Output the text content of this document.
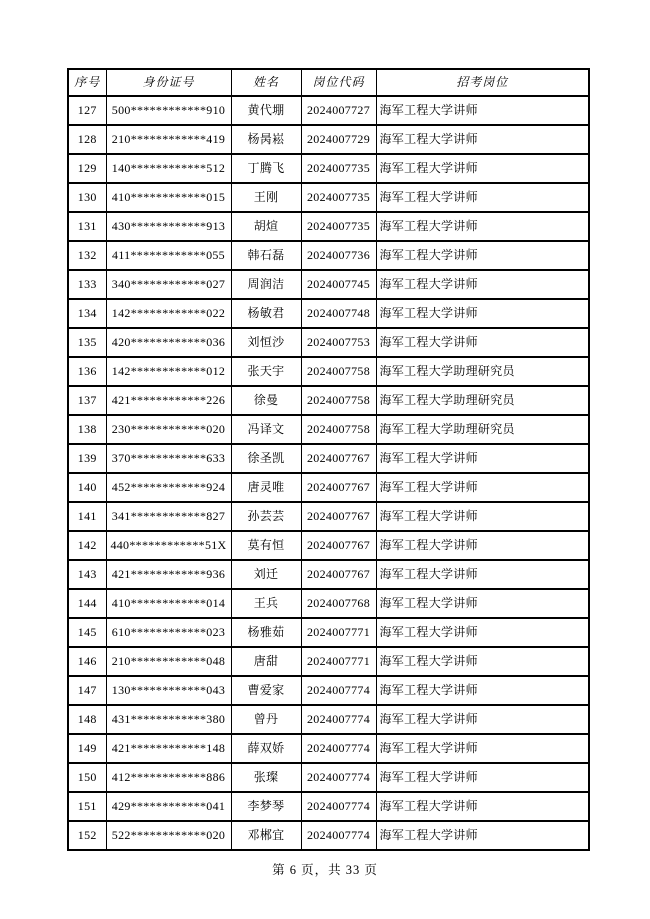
序号	身份证号	姓名	岗位代码	招考岗位
127	500************910	黄代堋	2024007727	海军工程大学讲师
128	210************419	杨昺崧	2024007729	海军工程大学讲师
129	140************512	丁腾飞	2024007735	海军工程大学讲师
130	410************015	王刚	2024007735	海军工程大学讲师
131	430************913	胡煊	2024007735	海军工程大学讲师
132	411************055	韩石磊	2024007736	海军工程大学讲师
133	340************027	周润洁	2024007745	海军工程大学讲师
134	142************022	杨敏君	2024007748	海军工程大学讲师
135	420************036	刘恒沙	2024007753	海军工程大学讲师
136	142************012	张天宇	2024007758	海军工程大学助理研究员
137	421************226	徐曼	2024007758	海军工程大学助理研究员
138	230************020	冯译文	2024007758	海军工程大学助理研究员
139	370************633	徐圣凯	2024007767	海军工程大学讲师
140	452************924	唐灵唯	2024007767	海军工程大学讲师
141	341************827	孙芸芸	2024007767	海军工程大学讲师
142	440************51X	莫有恒	2024007767	海军工程大学讲师
143	421************936	刘迁	2024007767	海军工程大学讲师
144	410************014	王兵	2024007768	海军工程大学讲师
145	610************023	杨雅茹	2024007771	海军工程大学讲师
146	210************048	唐甜	2024007771	海军工程大学讲师
147	130************043	曹爱家	2024007774	海军工程大学讲师
148	431************380	曾丹	2024007774	海军工程大学讲师
149	421************148	薛双娇	2024007774	海军工程大学讲师
150	412************886	张璨	2024007774	海军工程大学讲师
151	429************041	李梦琴	2024007774	海军工程大学讲师
152	522************020	邓郴宜	2024007774	海军工程大学讲师
第 6 页，共 33 页
